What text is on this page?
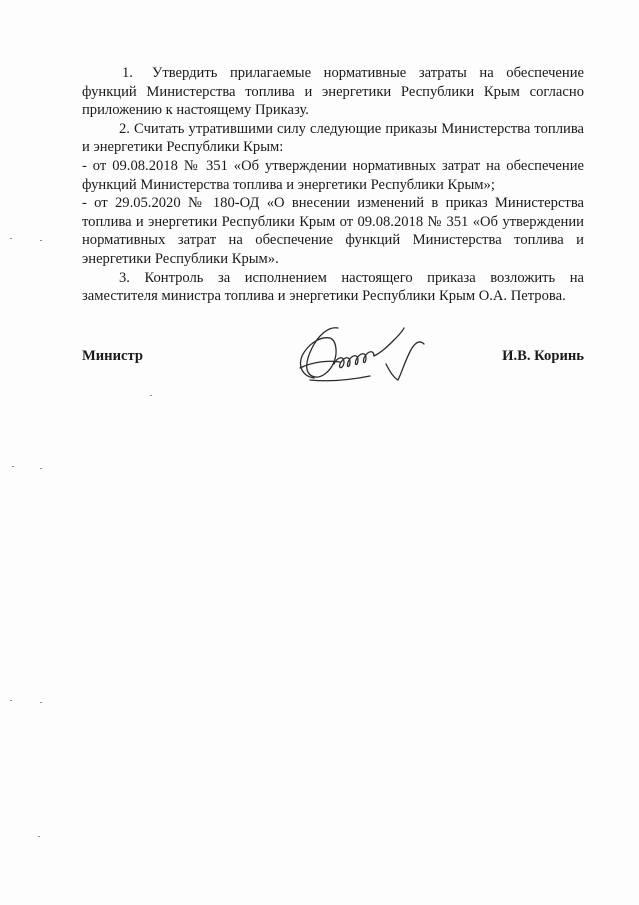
1. Утвердить прилагаемые нормативные затраты на обеспечение функций Министерства топлива и энергетики Республики Крым согласно приложению к настоящему Приказу.

2. Считать утратившими силу следующие приказы Министерства топлива и энергетики Республики Крым:

- от 09.08.2018 № 351 «Об утверждении нормативных затрат на обеспечение функций Министерства топлива и энергетики Республики Крым»;

- от 29.05.2020 № 180-ОД «О внесении изменений в приказ Министерства топлива и энергетики Республики Крым от 09.08.2018 № 351 «Об утверждении нормативных затрат на обеспечение функций Министерства топлива и энергетики Республики Крым».

3. Контроль за исполнением настоящего приказа возложить на заместителя министра топлива и энергетики Республики Крым О.А. Петрова.

Министр	И.В. Коринь
